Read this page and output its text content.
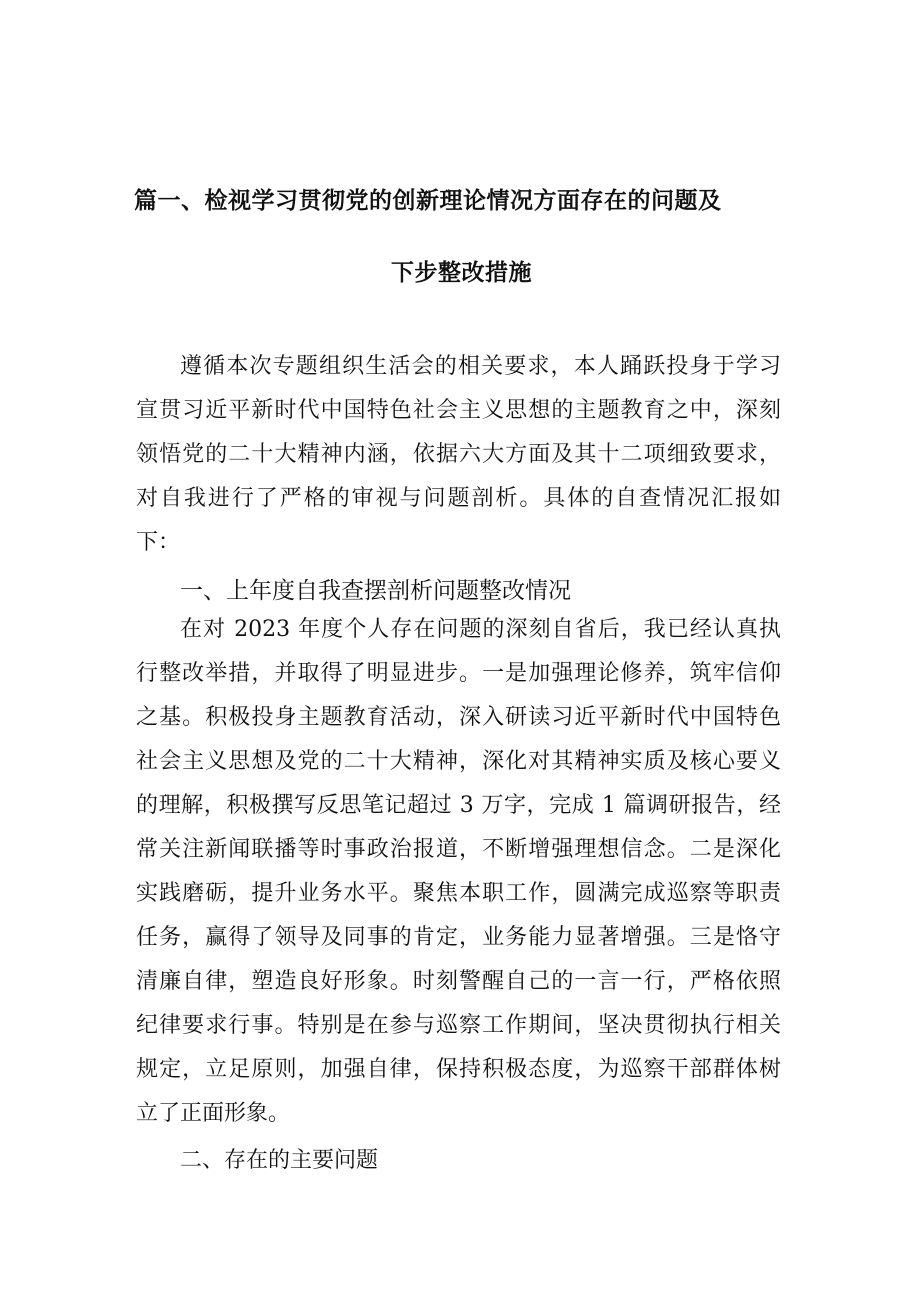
篇一、检视学习贯彻党的创新理论情况方面存在的问题及
下步整改措施
遵循本次专题组织生活会的相关要求，本人踊跃投身于学习
宣贯习近平新时代中国特色社会主义思想的主题教育之中，深刻
领悟党的二十大精神内涵，依据六大方面及其十二项细致要求，
对自我进行了严格的审视与问题剖析。具体的自查情况汇报如
下：
一、上年度自我查摆剖析问题整改情况
在对 2023 年度个人存在问题的深刻自省后，我已经认真执
行整改举措，并取得了明显进步。一是加强理论修养，筑牢信仰
之基。积极投身主题教育活动，深入研读习近平新时代中国特色
社会主义思想及党的二十大精神，深化对其精神实质及核心要义
的理解，积极撰写反思笔记超过 3 万字，完成 1 篇调研报告，经
常关注新闻联播等时事政治报道，不断增强理想信念。二是深化
实践磨砺，提升业务水平。聚焦本职工作，圆满完成巡察等职责
任务，赢得了领导及同事的肯定，业务能力显著增强。三是恪守
清廉自律，塑造良好形象。时刻警醒自己的一言一行，严格依照
纪律要求行事。特别是在参与巡察工作期间，坚决贯彻执行相关
规定，立足原则，加强自律，保持积极态度，为巡察干部群体树
立了正面形象。
二、存在的主要问题
